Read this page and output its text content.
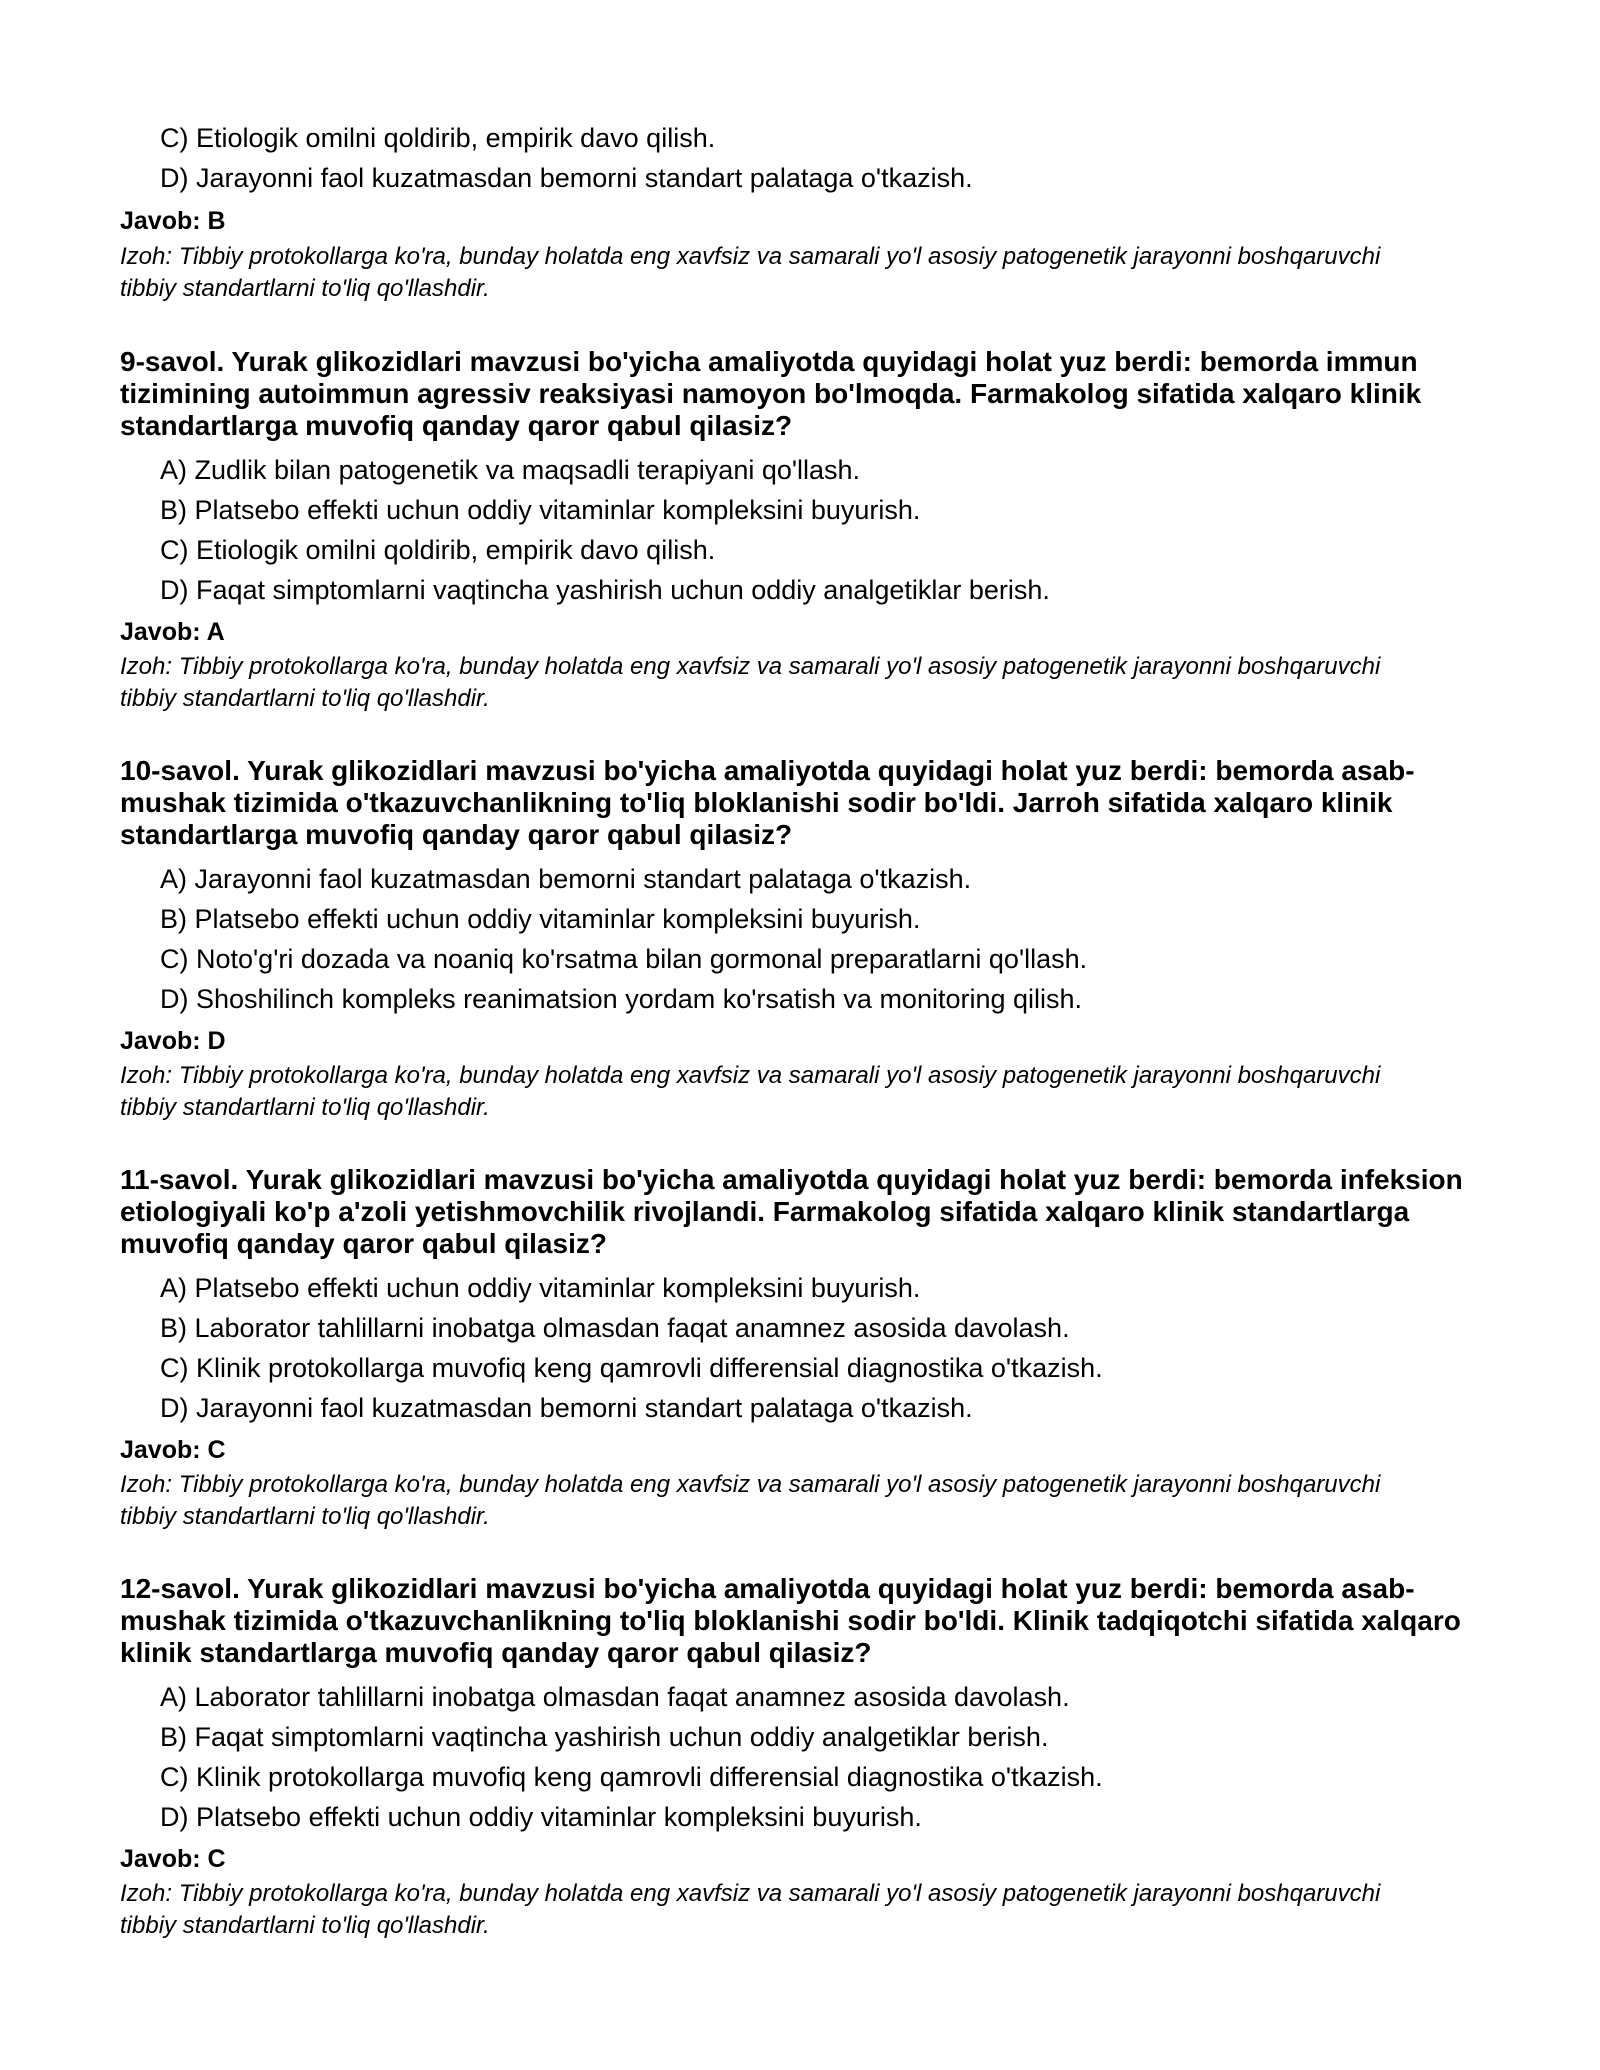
C) Etiologik omilni qoldirib, empirik davo qilish.
D) Jarayonni faol kuzatmasdan bemorni standart palataga o'tkazish.
Javob: B
Izoh: Tibbiy protokollarga ko'ra, bunday holatda eng xavfsiz va samarali yo'l asosiy patogenetik jarayonni boshqaruvchi tibbiy standartlarni to'liq qo'llashdir.
9-savol. Yurak glikozidlari mavzusi bo'yicha amaliyotda quyidagi holat yuz berdi: bemorda immun tizimining autoimmun agressiv reaksiyasi namoyon bo'lmoqda. Farmakolog sifatida xalqaro klinik standartlarga muvofiq qanday qaror qabul qilasiz?
A) Zudlik bilan patogenetik va maqsadli terapiyani qo'llash.
B) Platsebo effekti uchun oddiy vitaminlar kompleksini buyurish.
C) Etiologik omilni qoldirib, empirik davo qilish.
D) Faqat simptomlarni vaqtincha yashirish uchun oddiy analgetiklar berish.
Javob: A
Izoh: Tibbiy protokollarga ko'ra, bunday holatda eng xavfsiz va samarali yo'l asosiy patogenetik jarayonni boshqaruvchi tibbiy standartlarni to'liq qo'llashdir.
10-savol. Yurak glikozidlari mavzusi bo'yicha amaliyotda quyidagi holat yuz berdi: bemorda asab-mushak tizimida o'tkazuvchanlikning to'liq bloklanishi sodir bo'ldi. Jarroh sifatida xalqaro klinik standartlarga muvofiq qanday qaror qabul qilasiz?
A) Jarayonni faol kuzatmasdan bemorni standart palataga o'tkazish.
B) Platsebo effekti uchun oddiy vitaminlar kompleksini buyurish.
C) Noto'g'ri dozada va noaniq ko'rsatma bilan gormonal preparatlarni qo'llash.
D) Shoshilinch kompleks reanimatsion yordam ko'rsatish va monitoring qilish.
Javob: D
Izoh: Tibbiy protokollarga ko'ra, bunday holatda eng xavfsiz va samarali yo'l asosiy patogenetik jarayonni boshqaruvchi tibbiy standartlarni to'liq qo'llashdir.
11-savol. Yurak glikozidlari mavzusi bo'yicha amaliyotda quyidagi holat yuz berdi: bemorda infeksion etiologiyali ko'p a'zoli yetishmovchilik rivojlandi. Farmakolog sifatida xalqaro klinik standartlarga muvofiq qanday qaror qabul qilasiz?
A) Platsebo effekti uchun oddiy vitaminlar kompleksini buyurish.
B) Laborator tahlillarni inobatga olmasdan faqat anamnez asosida davolash.
C) Klinik protokollarga muvofiq keng qamrovli differensial diagnostika o'tkazish.
D) Jarayonni faol kuzatmasdan bemorni standart palataga o'tkazish.
Javob: C
Izoh: Tibbiy protokollarga ko'ra, bunday holatda eng xavfsiz va samarali yo'l asosiy patogenetik jarayonni boshqaruvchi tibbiy standartlarni to'liq qo'llashdir.
12-savol. Yurak glikozidlari mavzusi bo'yicha amaliyotda quyidagi holat yuz berdi: bemorda asab-mushak tizimida o'tkazuvchanlikning to'liq bloklanishi sodir bo'ldi. Klinik tadqiqotchi sifatida xalqaro klinik standartlarga muvofiq qanday qaror qabul qilasiz?
A) Laborator tahlillarni inobatga olmasdan faqat anamnez asosida davolash.
B) Faqat simptomlarni vaqtincha yashirish uchun oddiy analgetiklar berish.
C) Klinik protokollarga muvofiq keng qamrovli differensial diagnostika o'tkazish.
D) Platsebo effekti uchun oddiy vitaminlar kompleksini buyurish.
Javob: C
Izoh: Tibbiy protokollarga ko'ra, bunday holatda eng xavfsiz va samarali yo'l asosiy patogenetik jarayonni boshqaruvchi tibbiy standartlarni to'liq qo'llashdir.
